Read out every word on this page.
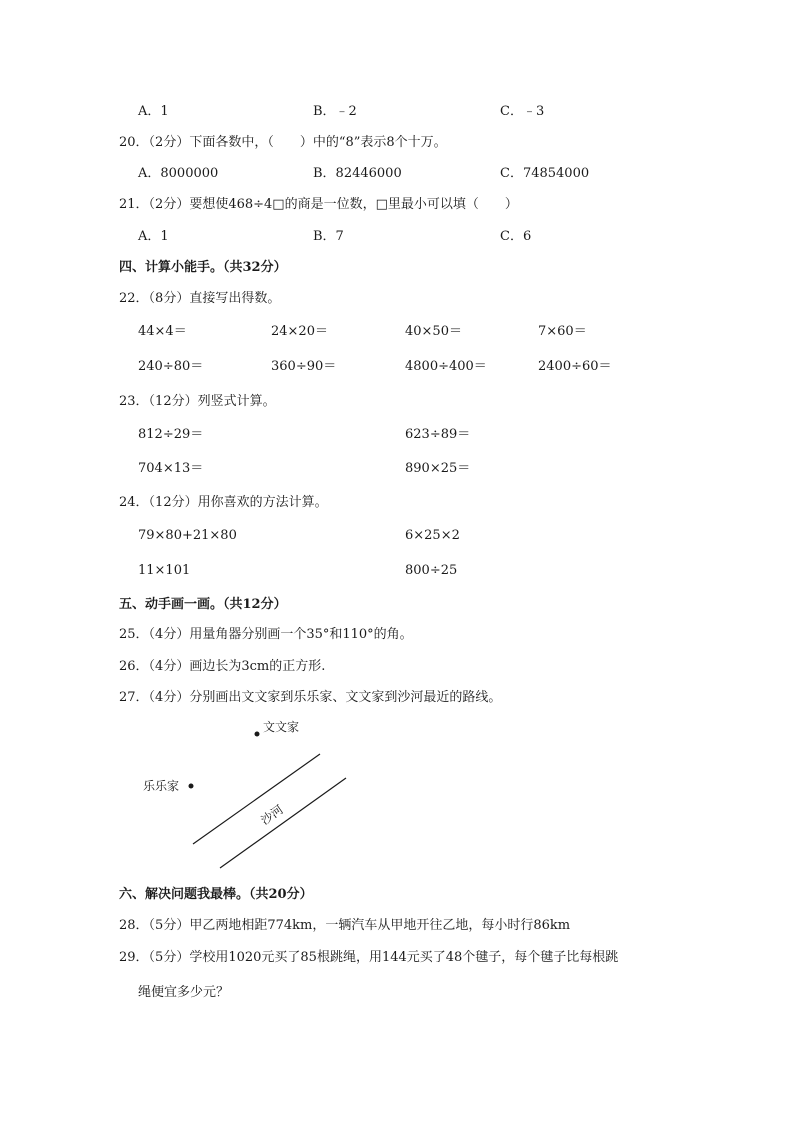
A．1	B．﹣2	C．﹣3
20．（2分）下面各数中，（　　）中的“8”表示8个十万。
A．8000000	B．82446000	C．74854000
21．（2分）要想使468÷4□的商是一位数，□里最小可以填（　　）
A．1	B．7	C．6
四、计算小能手。（共32分）
22．（8分）直接写出得数。
44×4＝	24×20＝	40×50＝	7×60＝
240÷80＝	360÷90＝	4800÷400＝	2400÷60＝
23．（12分）列竖式计算。
812÷29＝	623÷89＝
704×13＝	890×25＝
24．（12分）用你喜欢的方法计算。
79×80+21×80	6×25×2
11×101	800÷25
五、动手画一画。（共12分）
25．（4分）用量角器分别画一个35°和110°的角。
26．（4分）画边长为3cm的正方形.
27．（4分）分别画出文文家到乐乐家、文文家到沙河最近的路线。
文文家
乐乐家
沙河
六、解决问题我最棒。（共20分）
28．（5分）甲乙两地相距774km，一辆汽车从甲地开往乙地，每小时行86km
29．（5分）学校用1020元买了85根跳绳，用144元买了48个毽子，每个毽子比每根跳
绳便宜多少元？
